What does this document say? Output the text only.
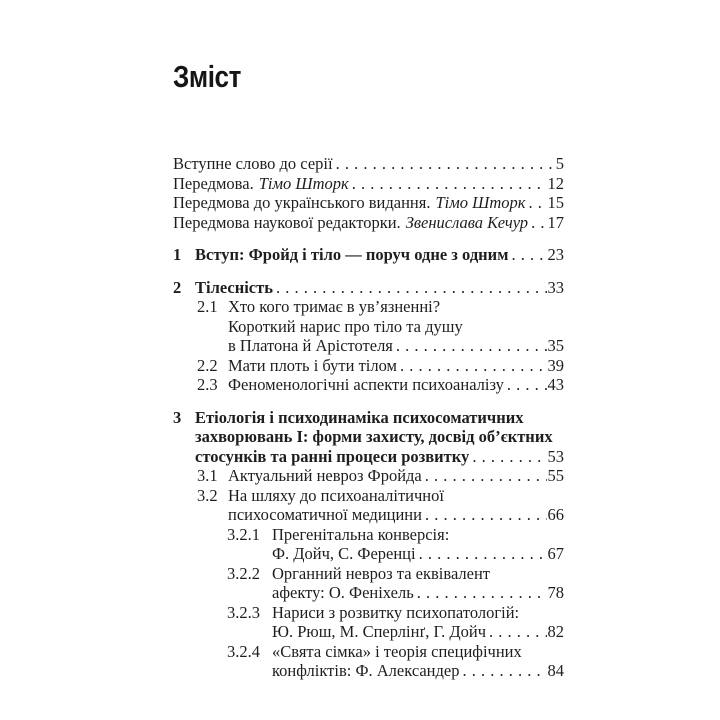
Зміст
Вступне слово до серії . . .	5
Передмова. Тімо Шторк . . .	12
Передмова до українського видання. Тімо Шторк . . . 15
Передмова наукової редакторки. Звенислава Кечур . . . 17
1 Вступ: Фройд і тіло — поруч одне з одним . . . 23
2 Тілесність . . .	33
2.1 Хто кого тримає в ув’язненні?
Короткий нарис про тіло та душу
в Платона й Арістотеля . . .	35
2.2 Мати плоть і бути тілом . . .	39
2.3 Феноменологічні аспекти психоаналізу . . .	43
3 Етіологія і психодинаміка психосоматичних
захворювань І: форми захисту, досвід об’єктних
стосунків та ранні процеси розвитку . . .	53
3.1 Актуальний невроз Фройда . . .	55
3.2 На шляху до психоаналітичної
психосоматичної медицини . . .	66
3.2.1 Прегенітальна конверсія:
Ф. Дойч, С. Ференці . . .	67
3.2.2 Органний невроз та еквівалент
афекту: О. Феніхель . . .	78
3.2.3 Нариси з розвитку психопатологій:
Ю. Рюш, М. Сперлінґ, Г. Дойч . . .	82
3.2.4 «Свята сімка» і теорія специфічних
конфліктів: Ф. Александер . . .	84
